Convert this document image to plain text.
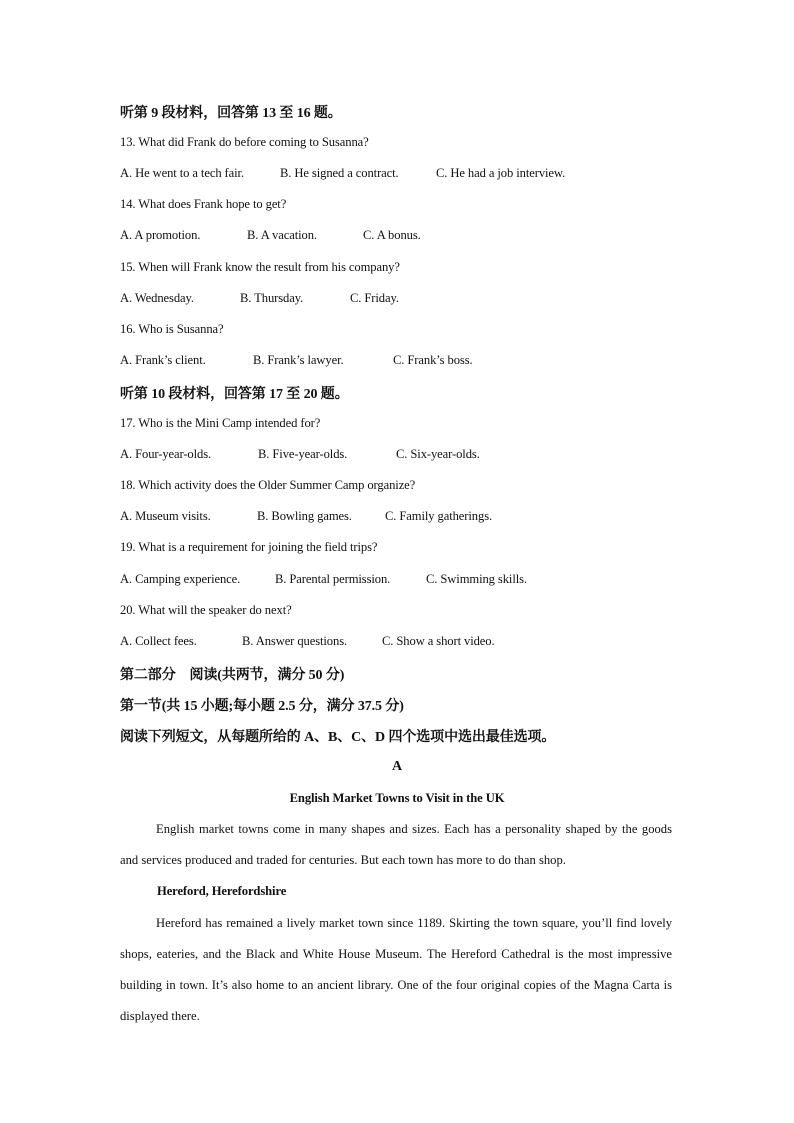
听第 9 段材料，回答第 13 至 16 题。
13. What did Frank do before coming to Susanna?
A. He went to a tech fair.	B. He signed a contract.	C. He had a job interview.
14. What does Frank hope to get?
A. A promotion.	B. A vacation.	C. A bonus.
15. When will Frank know the result from his company?
A. Wednesday.	B. Thursday.	C. Friday.
16. Who is Susanna?
A. Frank’s client.	B. Frank’s lawyer.	C. Frank’s boss.
听第 10 段材料，回答第 17 至 20 题。
17. Who is the Mini Camp intended for?
A. Four-year-olds.	B. Five-year-olds.	C. Six-year-olds.
18. Which activity does the Older Summer Camp organize?
A. Museum visits.	B. Bowling games.	C. Family gatherings.
19. What is a requirement for joining the field trips?
A. Camping experience.	B. Parental permission.	C. Swimming skills.
20. What will the speaker do next?
A. Collect fees.	B. Answer questions.	C. Show a short video.
第二部分　阅读(共两节，满分 50 分)
第一节(共 15 小题;每小题 2.5 分，满分 37.5 分)
阅读下列短文，从每题所给的 A、B、C、D 四个选项中选出最佳选项。
A
English Market Towns to Visit in the UK
English market towns come in many shapes and sizes. Each has a personality shaped by the goods and services produced and traded for centuries. But each town has more to do than shop.
Hereford, Herefordshire
Hereford has remained a lively market town since 1189. Skirting the town square, you’ll find lovely shops, eateries, and the Black and White House Museum. The Hereford Cathedral is the most impressive building in town. It’s also home to an ancient library. One of the four original copies of the Magna Carta is displayed there.
